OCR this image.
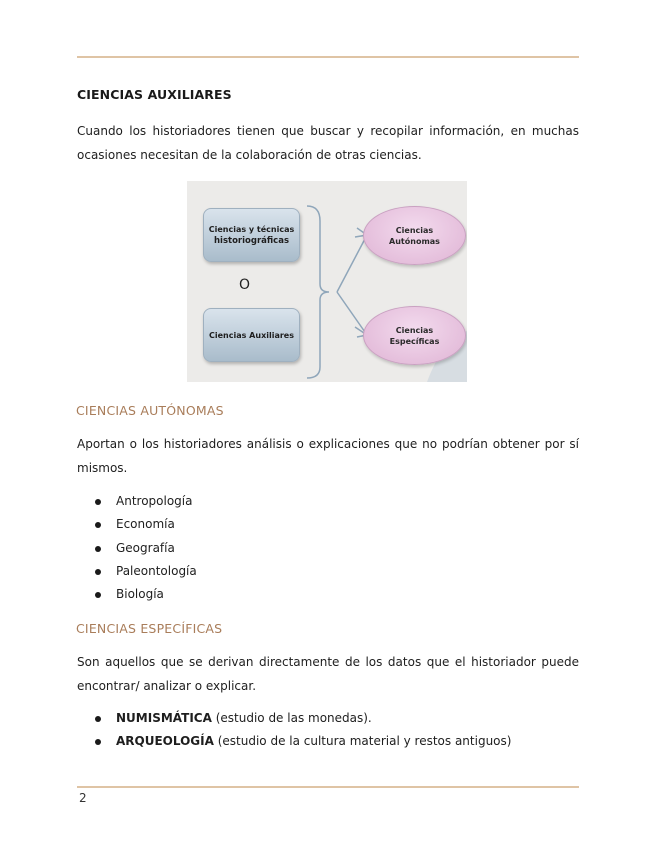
CIENCIAS AUXILIARES
Cuando los historiadores tienen que buscar y recopilar información, en muchas ocasiones necesitan de la colaboración de otras ciencias.
Ciencias y técnicas
historiográficas
O
Ciencias Auxiliares
Ciencias
Autónomas
Ciencias
Específicas
CIENCIAS AUTÓNOMAS
Aportan o los historiadores análisis o explicaciones que no podrían obtener por sí mismos.
Antropología
Economía
Geografía
Paleontología
Biología
CIENCIAS ESPECÍFICAS
Son aquellos que se derivan directamente de los datos que el historiador puede encontrar/ analizar o explicar.
NUMISMÁTICA (estudio de las monedas).
ARQUEOLOGÍA (estudio de la cultura material y restos antiguos)
2
